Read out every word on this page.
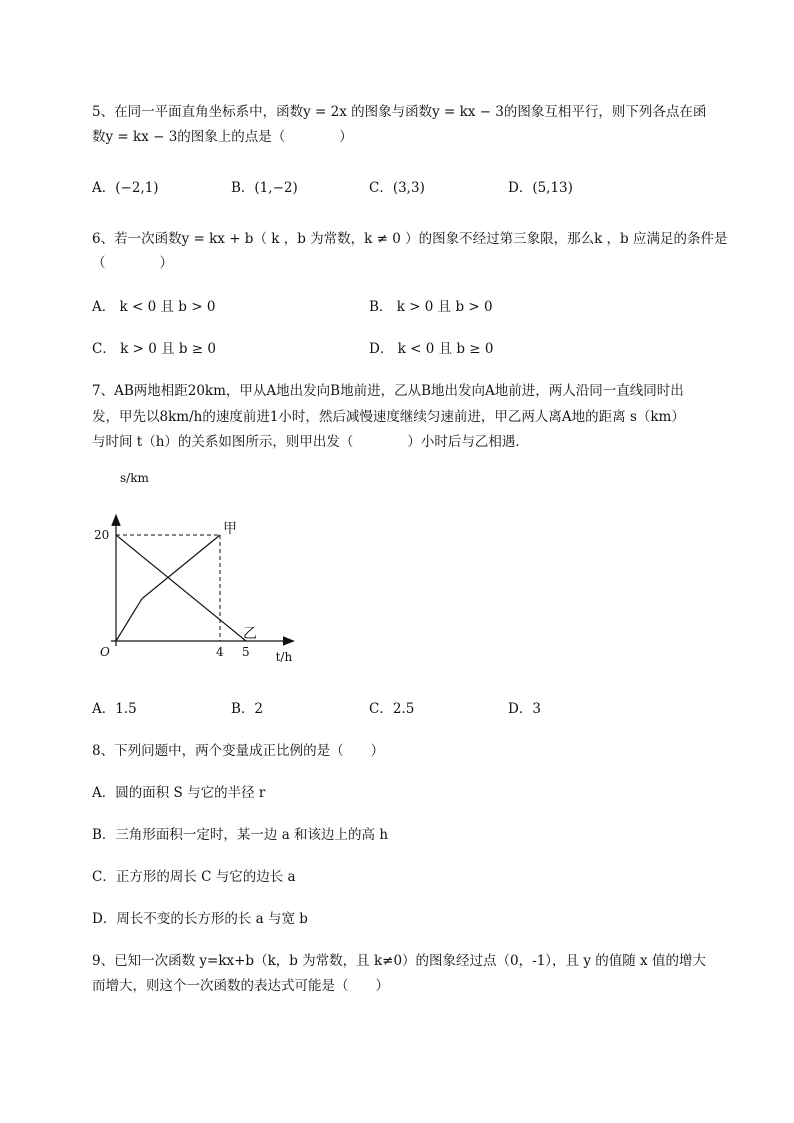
5、在同一平面直角坐标系中，函数y = 2x 的图象与函数y = kx − 3的图象互相平行，则下列各点在函
数y = kx − 3的图象上的点是（　　　　）
A．(−2,1)	B．(1,−2)	C．(3,3)	D．(5,13)
6、若一次函数y = kx + b（ k ，b 为常数，k ≠ 0 ）的图象不经过第三象限，那么k ，b 应满足的条件是
（　　　　）
A． k < 0 且 b > 0	B． k > 0 且 b > 0
C． k > 0 且 b ≥ 0	D． k < 0 且 b ≥ 0
7、AB两地相距20km，甲从A地出发向B地前进，乙从B地出发向A地前进，两人沿同一直线同时出
发，甲先以8km/h的速度前进1小时，然后减慢速度继续匀速前进，甲乙两人离A地的距离 s（km）
与时间 t（h）的关系如图所示，则甲出发（　　　　）小时后与乙相遇．
s/km
t/h
O
20
4 5
甲
乙
A．1.5	B．2	C．2.5	D．3
8、下列问题中，两个变量成正比例的是（　　）
A．圆的面积 S 与它的半径 r
B．三角形面积一定时，某一边 a 和该边上的高 h
C．正方形的周长 C 与它的边长 a
D．周长不变的长方形的长 a 与宽 b
9、已知一次函数 y=kx+b（k，b 为常数，且 k≠0）的图象经过点（0，-1），且 y 的值随 x 值的增大
而增大，则这个一次函数的表达式可能是（　　）
